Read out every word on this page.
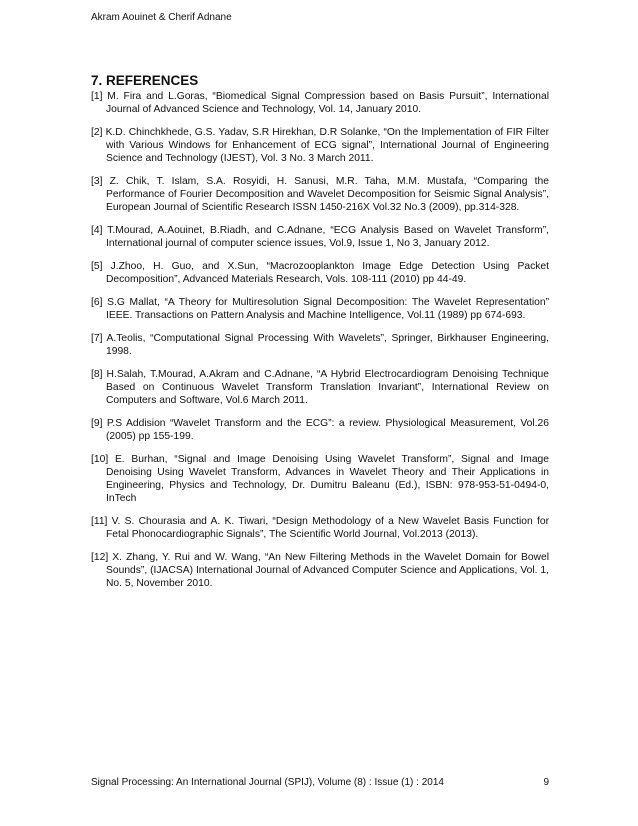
Akram Aouinet & Cherif Adnane
7. REFERENCES

[1] M. Fira and L.Goras, “Biomedical Signal Compression based on Basis Pursuit”, International Journal of Advanced Science and Technology, Vol. 14, January 2010.

[2] K.D. Chinchkhede, G.S. Yadav, S.R Hirekhan, D.R Solanke, “On the Implementation of FIR Filter with Various Windows for Enhancement of ECG signal”, International Journal of Engineering Science and Technology (IJEST), Vol. 3 No. 3 March 2011.

[3] Z. Chik, T. Islam, S.A. Rosyidi, H. Sanusi, M.R. Taha, M.M. Mustafa, “Comparing the Performance of Fourier Decomposition and Wavelet Decomposition for Seismic Signal Analysis”, European Journal of Scientific Research ISSN 1450-216X Vol.32 No.3 (2009), pp.314-328.

[4] T.Mourad, A.Aouinet, B.Riadh, and C.Adnane, “ECG Analysis Based on Wavelet Transform”, International journal of computer science issues, Vol.9, Issue 1, No 3, January 2012.

[5] J.Zhoo, H. Guo, and X.Sun, “Macrozooplankton Image Edge Detection Using Packet Decomposition”, Advanced Materials Research, Vols. 108-111 (2010) pp 44-49.

[6] S.G Mallat, “A Theory for Multiresolution Signal Decomposition: The Wavelet Representation” IEEE. Transactions on Pattern Analysis and Machine Intelligence, Vol.11 (1989) pp 674-693.

[7] A.Teolis, “Computational Signal Processing With Wavelets”, Springer, Birkhauser Engineering, 1998.

[8] H.Salah, T.Mourad, A.Akram and C.Adnane, “A Hybrid Electrocardiogram Denoising Technique Based on Continuous Wavelet Transform Translation Invariant”, International Review on Computers and Software, Vol.6 March 2011.

[9] P.S Addision “Wavelet Transform and the ECG”: a review. Physiological Measurement, Vol.26 (2005) pp 155-199.

[10] E. Burhan, “Signal and Image Denoising Using Wavelet Transform”, Signal and Image Denoising Using Wavelet Transform, Advances in Wavelet Theory and Their Applications in Engineering, Physics and Technology, Dr. Dumitru Baleanu (Ed.), ISBN: 978-953-51-0494-0, InTech

[11] V. S. Chourasia and A. K. Tiwari, “Design Methodology of a New Wavelet Basis Function for Fetal Phonocardiographic Signals”, The Scientific World Journal, Vol.2013 (2013).

[12] X. Zhang, Y. Rui and W. Wang, “An New Filtering Methods in the Wavelet Domain for Bowel Sounds”, (IJACSA) International Journal of Advanced Computer Science and Applications, Vol. 1, No. 5, November 2010.

Signal Processing: An International Journal (SPIJ), Volume (8) : Issue (1) : 2014	9
